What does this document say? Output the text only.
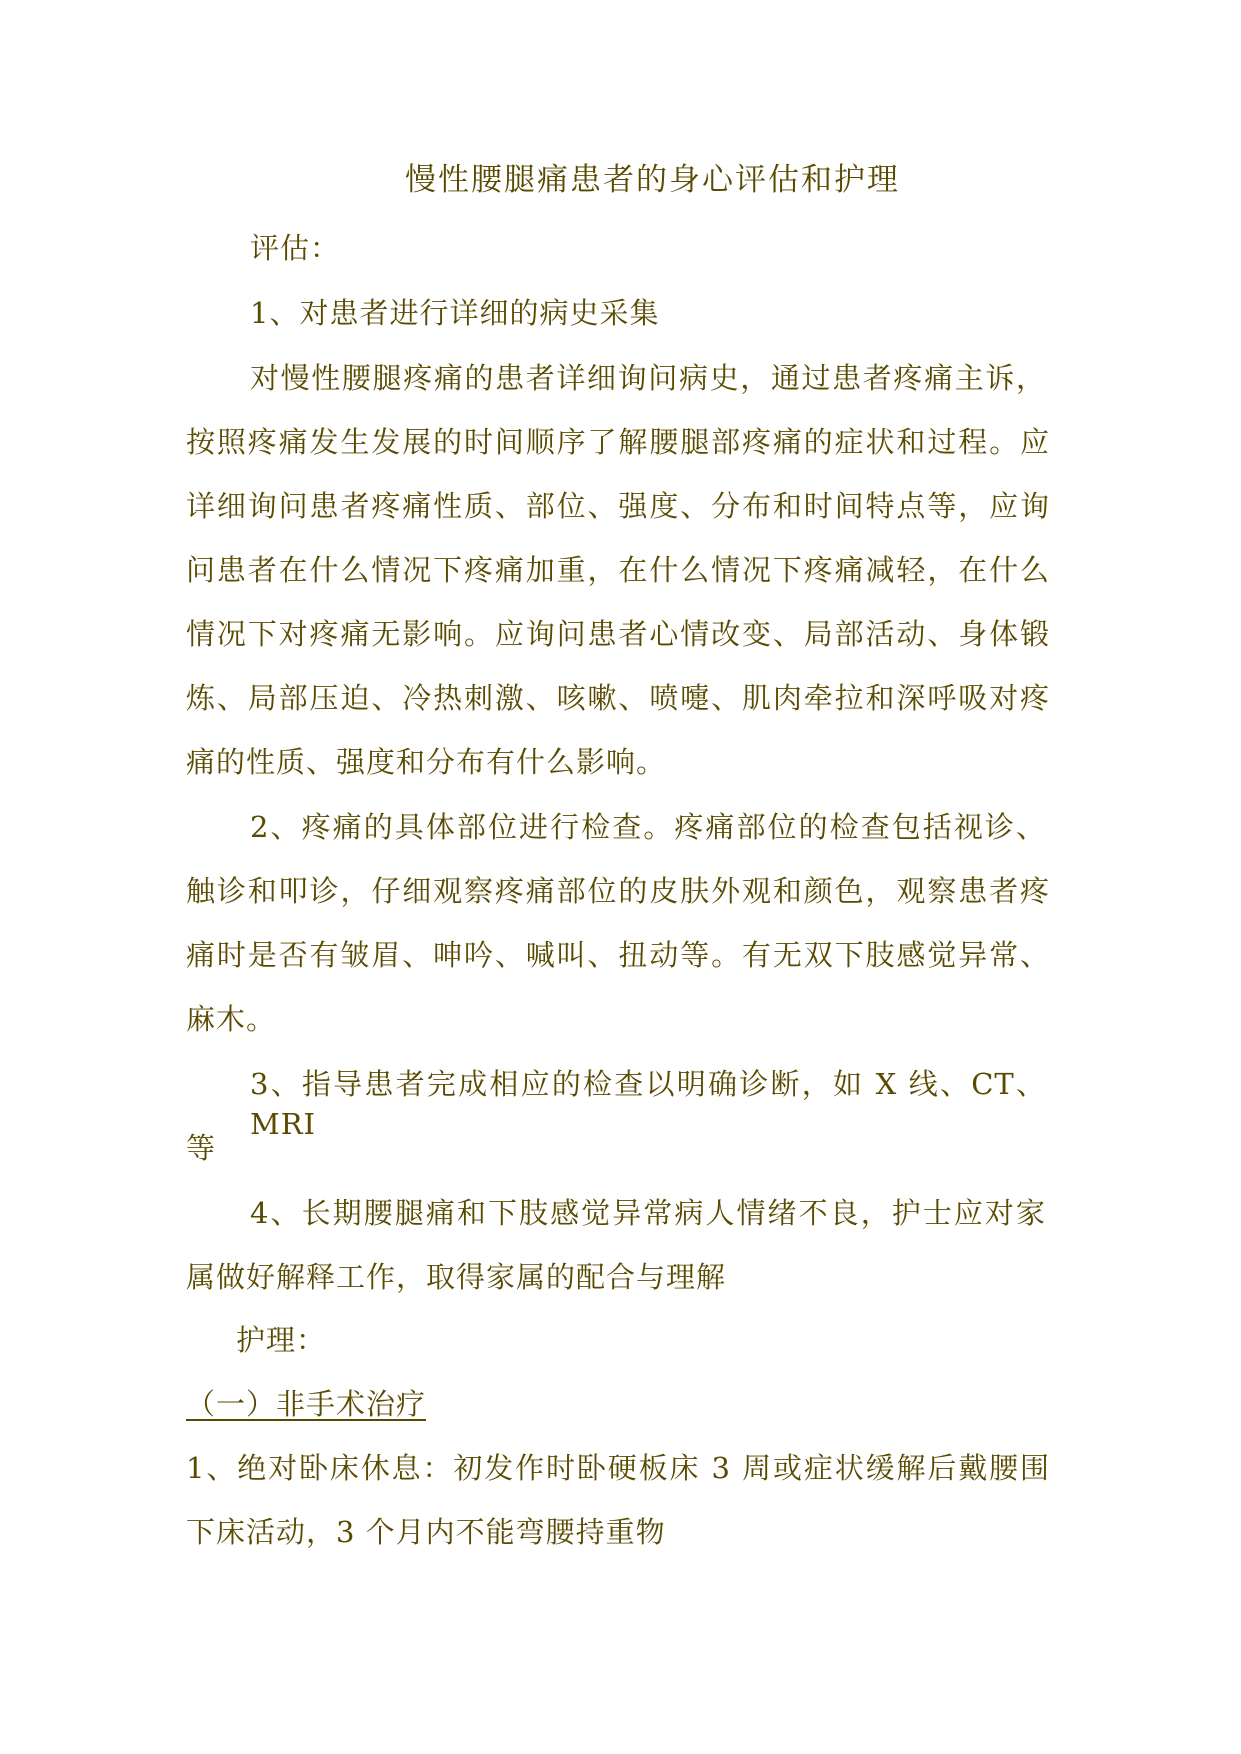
慢性腰腿痛患者的身心评估和护理
评估：
1、对患者进行详细的病史采集
对慢性腰腿疼痛的患者详细询问病史，通过患者疼痛主诉，
按照疼痛发生发展的时间顺序了解腰腿部疼痛的症状和过程。应
详细询问患者疼痛性质、部位、强度、分布和时间特点等，应询
问患者在什么情况下疼痛加重，在什么情况下疼痛减轻，在什么
情况下对疼痛无影响。应询问患者心情改变、局部活动、身体锻
炼、局部压迫、冷热刺激、咳嗽、喷嚏、肌肉牵拉和深呼吸对疼
痛的性质、强度和分布有什么影响。
2、疼痛的具体部位进行检查。疼痛部位的检查包括视诊、
触诊和叩诊，仔细观察疼痛部位的皮肤外观和颜色，观察患者疼
痛时是否有皱眉、呻吟、喊叫、扭动等。有无双下肢感觉异常、
麻木。
3、指导患者完成相应的检查以明确诊断，如 X 线、CT、MRI
等
4、长期腰腿痛和下肢感觉异常病人情绪不良，护士应对家
属做好解释工作，取得家属的配合与理解
护理：
（一）非手术治疗
1、绝对卧床休息：初发作时卧硬板床 3 周或症状缓解后戴腰围
下床活动，3 个月内不能弯腰持重物
